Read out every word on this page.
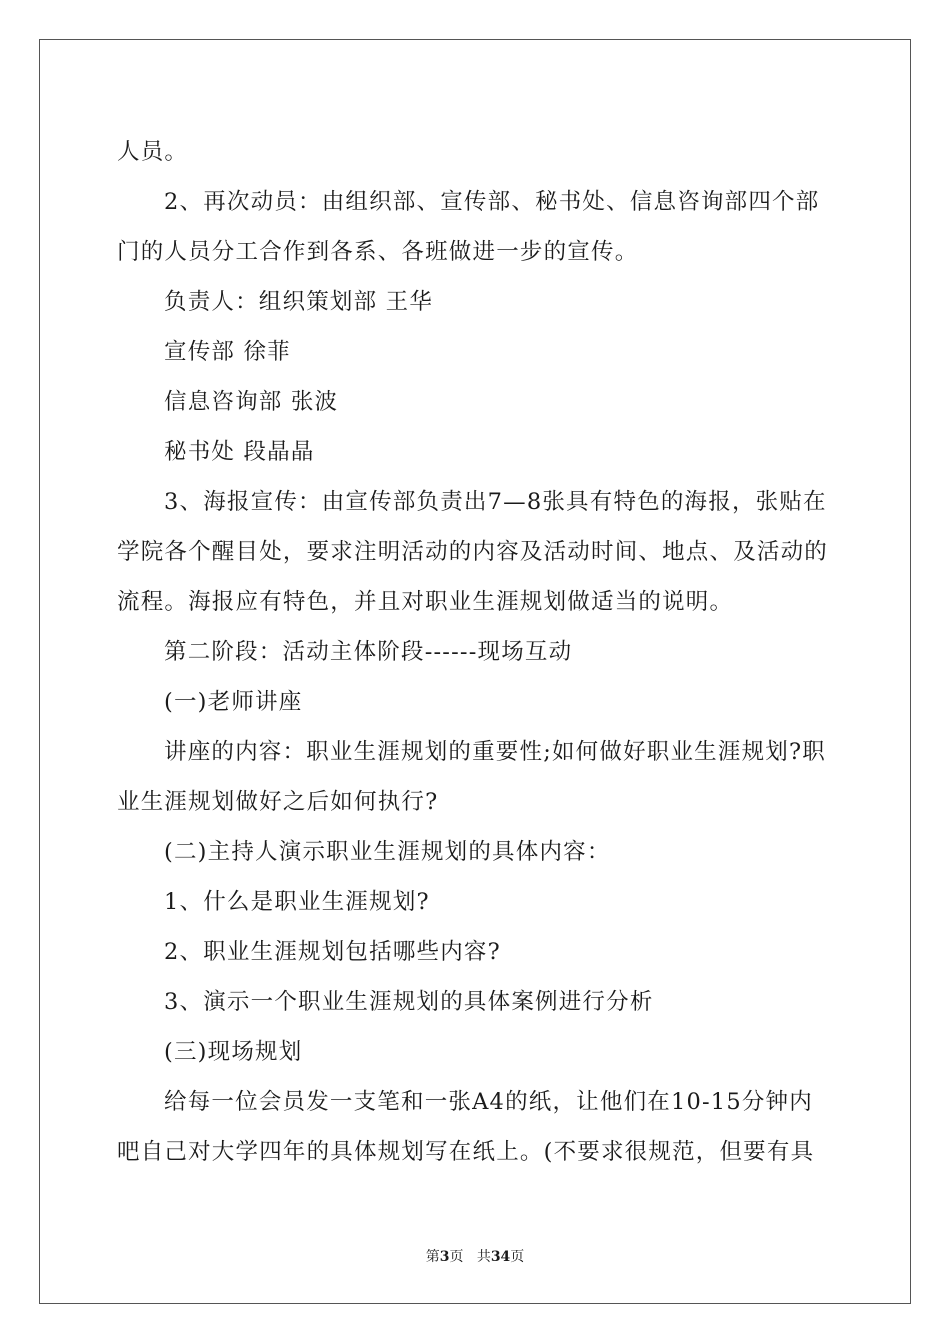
人员。
2、再次动员：由组织部、宣传部、秘书处、信息咨询部四个部
门的人员分工合作到各系、各班做进一步的宣传。
负责人：组织策划部 王华
宣传部 徐菲
信息咨询部 张波
秘书处 段晶晶
3、海报宣传：由宣传部负责出7—8张具有特色的海报，张贴在
学院各个醒目处，要求注明活动的内容及活动时间、地点、及活动的
流程。海报应有特色，并且对职业生涯规划做适当的说明。
第二阶段：活动主体阶段------现场互动
(一)老师讲座
讲座的内容：职业生涯规划的重要性;如何做好职业生涯规划?职
业生涯规划做好之后如何执行?
(二)主持人演示职业生涯规划的具体内容：
1、什么是职业生涯规划?
2、职业生涯规划包括哪些内容?
3、演示一个职业生涯规划的具体案例进行分析
(三)现场规划
给每一位会员发一支笔和一张A4的纸，让他们在10-15分钟内
吧自己对大学四年的具体规划写在纸上。(不要求很规范，但要有具
第3页 共34页
